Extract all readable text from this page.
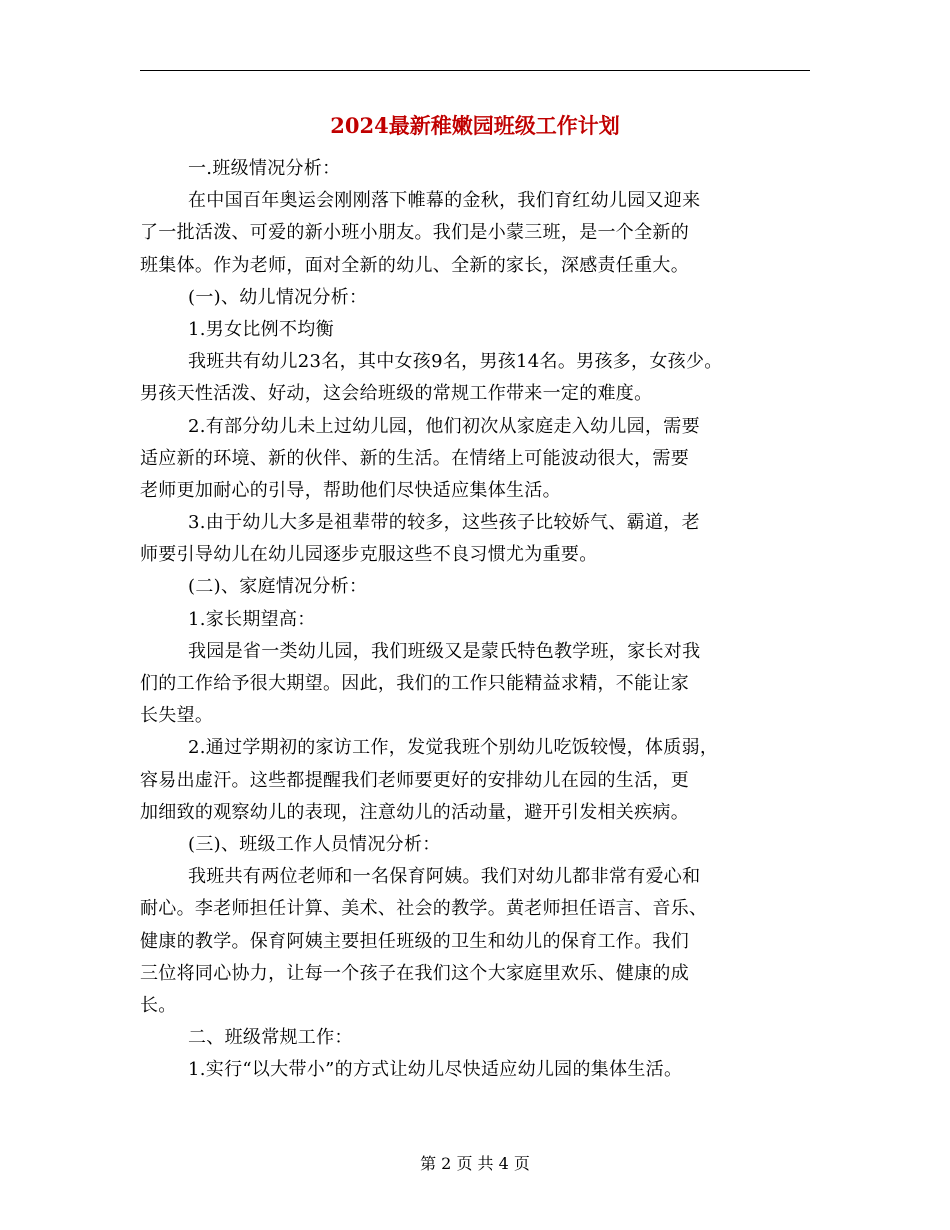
2024最新稚嫩园班级工作计划
一.班级情况分析：
在中国百年奥运会刚刚落下帷幕的金秋，我们育红幼儿园又迎来
了一批活泼、可爱的新小班小朋友。我们是小蒙三班，是一个全新的
班集体。作为老师，面对全新的幼儿、全新的家长，深感责任重大。
(一)、幼儿情况分析：
1.男女比例不均衡
我班共有幼儿23名，其中女孩9名，男孩14名。男孩多，女孩少。
男孩天性活泼、好动，这会给班级的常规工作带来一定的难度。
2.有部分幼儿未上过幼儿园，他们初次从家庭走入幼儿园，需要
适应新的环境、新的伙伴、新的生活。在情绪上可能波动很大，需要
老师更加耐心的引导，帮助他们尽快适应集体生活。
3.由于幼儿大多是祖辈带的较多，这些孩子比较娇气、霸道，老
师要引导幼儿在幼儿园逐步克服这些不良习惯尤为重要。
(二)、家庭情况分析：
1.家长期望高：
我园是省一类幼儿园，我们班级又是蒙氏特色教学班，家长对我
们的工作给予很大期望。因此，我们的工作只能精益求精，不能让家
长失望。
2.通过学期初的家访工作，发觉我班个别幼儿吃饭较慢，体质弱，
容易出虚汗。这些都提醒我们老师要更好的安排幼儿在园的生活，更
加细致的观察幼儿的表现，注意幼儿的活动量，避开引发相关疾病。
(三)、班级工作人员情况分析：
我班共有两位老师和一名保育阿姨。我们对幼儿都非常有爱心和
耐心。李老师担任计算、美术、社会的教学。黄老师担任语言、音乐、
健康的教学。保育阿姨主要担任班级的卫生和幼儿的保育工作。我们
三位将同心协力，让每一个孩子在我们这个大家庭里欢乐、健康的成
长。
二、班级常规工作：
1.实行“以大带小”的方式让幼儿尽快适应幼儿园的集体生活。
第 2 页 共 4 页
